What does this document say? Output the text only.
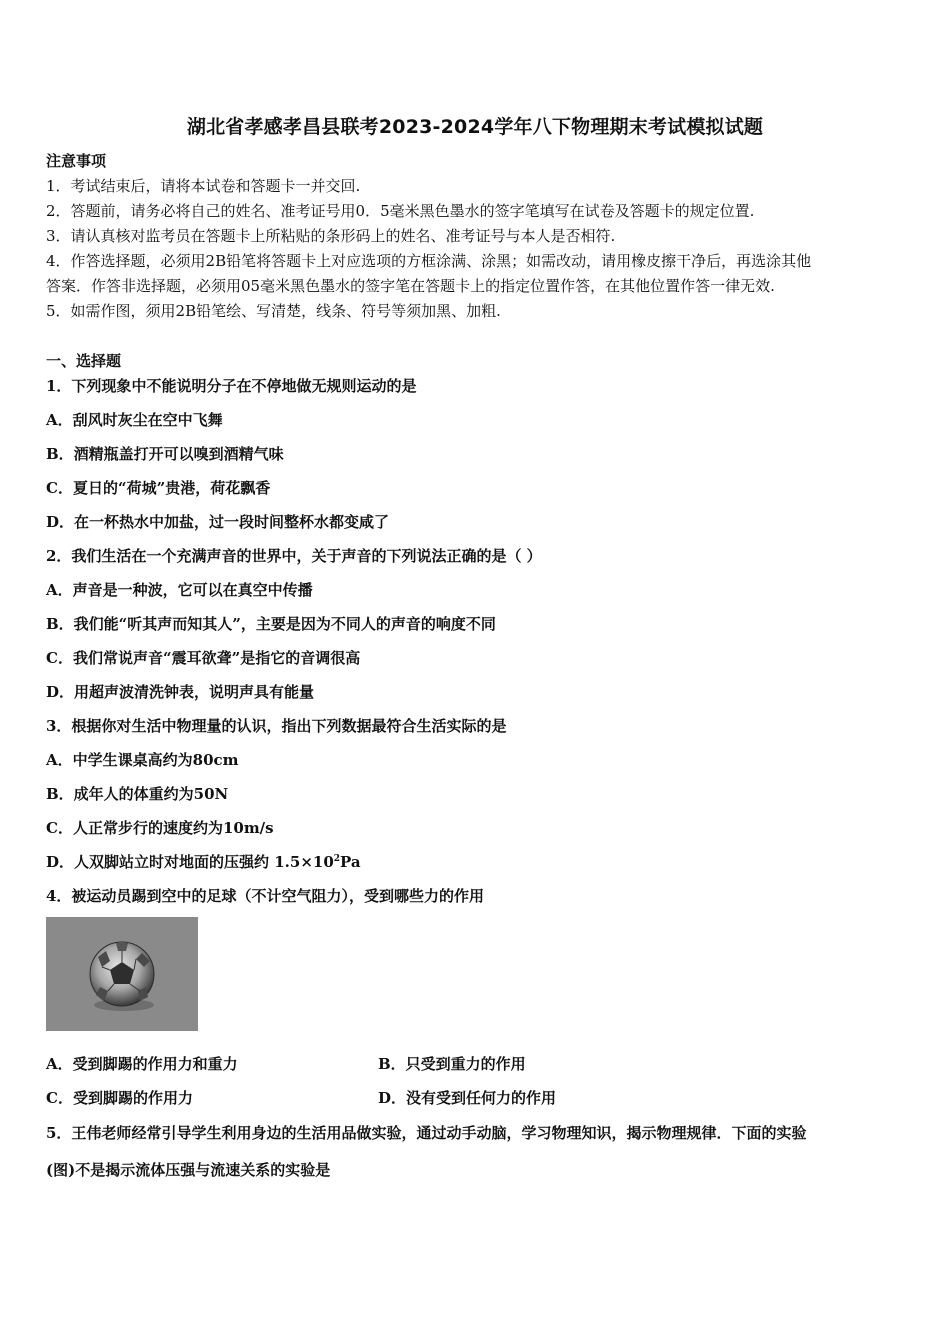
湖北省孝感孝昌县联考2023-2024学年八下物理期末考试模拟试题
注意事项
1．考试结束后，请将本试卷和答题卡一并交回.
2．答题前，请务必将自己的姓名、准考证号用0．5毫米黑色墨水的签字笔填写在试卷及答题卡的规定位置.
3．请认真核对监考员在答题卡上所粘贴的条形码上的姓名、准考证号与本人是否相符.
4．作答选择题，必须用2B铅笔将答题卡上对应选项的方框涂满、涂黑；如需改动，请用橡皮擦干净后，再选涂其他
答案．作答非选择题，必须用05毫米黑色墨水的签字笔在答题卡上的指定位置作答，在其他位置作答一律无效.
5．如需作图，须用2B铅笔绘、写清楚，线条、符号等须加黑、加粗.
一、选择题
1．下列现象中不能说明分子在不停地做无规则运动的是
A．刮风时灰尘在空中飞舞
B．酒精瓶盖打开可以嗅到酒精气味
C．夏日的“荷城”贵港，荷花飘香
D．在一杯热水中加盐，过一段时间整杯水都变咸了
2．我们生活在一个充满声音的世界中，关于声音的下列说法正确的是（ ）
A．声音是一种波，它可以在真空中传播
B．我们能“听其声而知其人”，主要是因为不同人的声音的响度不同
C．我们常说声音“震耳欲聋”是指它的音调很高
D．用超声波清洗钟表，说明声具有能量
3．根据你对生活中物理量的认识，指出下列数据最符合生活实际的是
A．中学生课桌高约为80cm
B．成年人的体重约为50N
C．人正常步行的速度约为10m/s
D．人双脚站立时对地面的压强约 $1.5\times 10^2Pa$
4．被运动员踢到空中的足球（不计空气阻力），受到哪些力的作用
A．受到脚踢的作用力和重力	B．只受到重力的作用
C．受到脚踢的作用力	D．没有受到任何力的作用
5．王伟老师经常引导学生利用身边的生活用品做实验，通过动手动脑，学习物理知识，揭示物理规律．下面的实验
(图)不是揭示流体压强与流速关系的实验是
